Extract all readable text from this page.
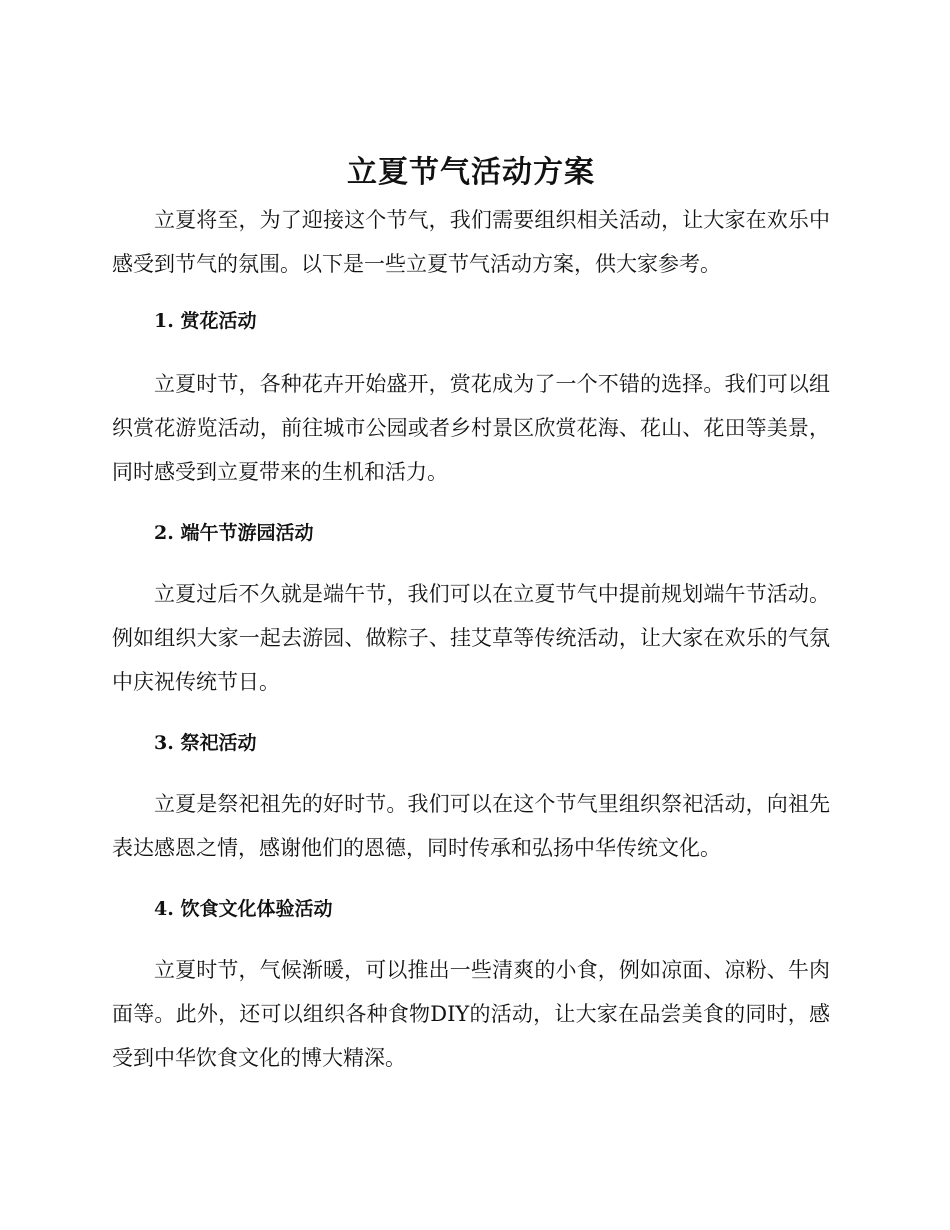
立夏节气活动方案

立夏将至，为了迎接这个节气，我们需要组织相关活动，让大家在欢乐中感受到节气的氛围。以下是一些立夏节气活动方案，供大家参考。

1. 赏花活动

立夏时节，各种花卉开始盛开，赏花成为了一个不错的选择。我们可以组织赏花游览活动，前往城市公园或者乡村景区欣赏花海、花山、花田等美景，同时感受到立夏带来的生机和活力。

2. 端午节游园活动

立夏过后不久就是端午节，我们可以在立夏节气中提前规划端午节活动。例如组织大家一起去游园、做粽子、挂艾草等传统活动，让大家在欢乐的气氛中庆祝传统节日。

3. 祭祀活动

立夏是祭祀祖先的好时节。我们可以在这个节气里组织祭祀活动，向祖先表达感恩之情，感谢他们的恩德，同时传承和弘扬中华传统文化。

4. 饮食文化体验活动

立夏时节，气候渐暖，可以推出一些清爽的小食，例如凉面、凉粉、牛肉面等。此外，还可以组织各种食物DIY的活动，让大家在品尝美食的同时，感受到中华饮食文化的博大精深。
